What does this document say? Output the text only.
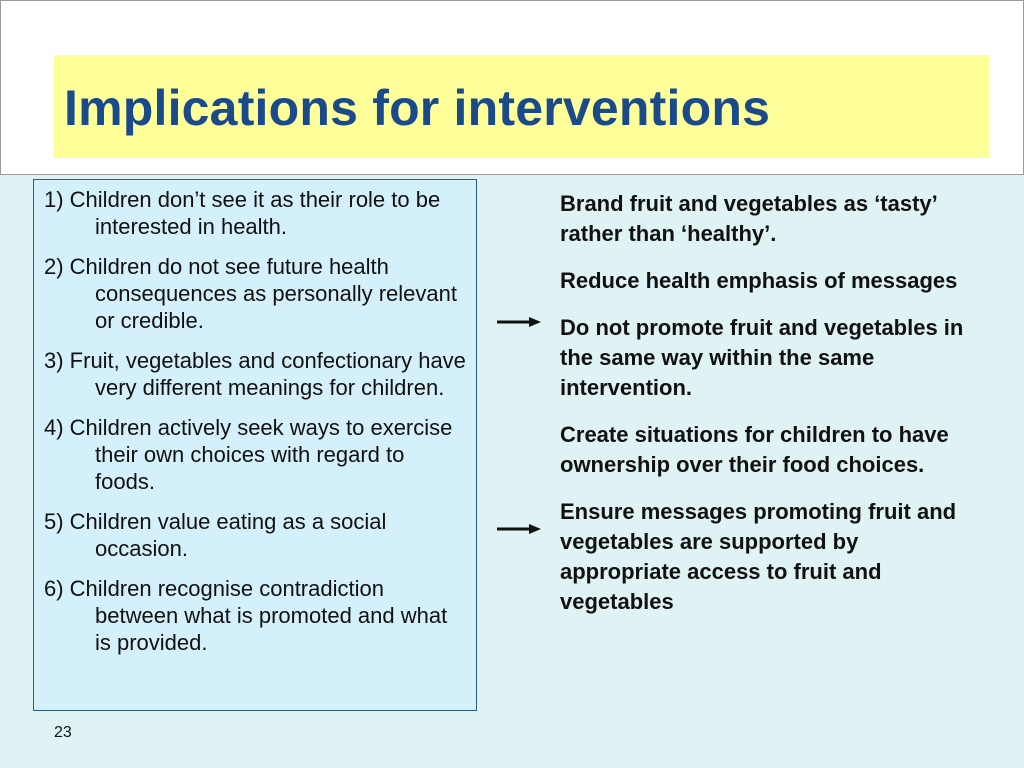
Implications for interventions
1) Children don’t see it as their role to be interested in health.
2) Children do not see future health consequences as personally relevant or credible.
3) Fruit, vegetables and confectionary have very different meanings for children.
4) Children actively seek ways to exercise their own choices with regard to foods.
5) Children value eating as a social occasion.
6) Children recognise contradiction between what is promoted and what is provided.

Brand fruit and vegetables as ‘tasty’ rather than ‘healthy’.

Reduce health emphasis of messages

Do not promote fruit and vegetables in the same way within the same intervention.

Create situations for children to have ownership over their food choices.

Ensure messages promoting fruit and vegetables are supported by appropriate access to fruit and vegetables

23
